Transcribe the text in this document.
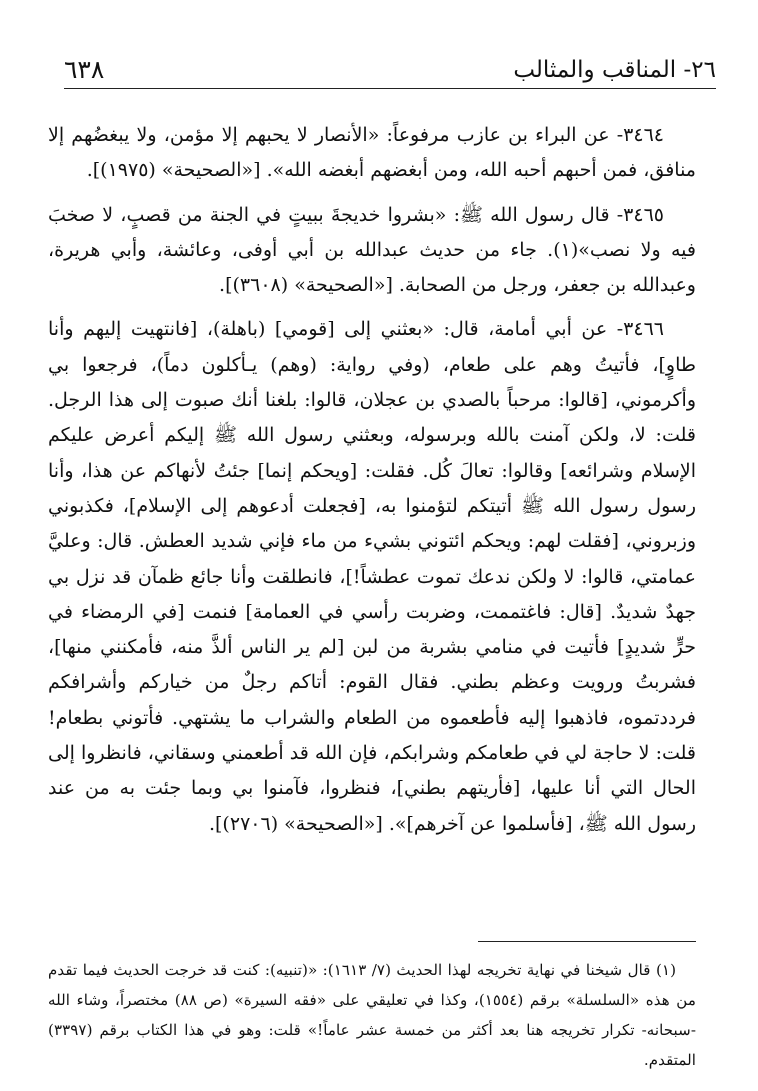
٢٦- المناقب والمثالب
٦٣٨

٣٤٦٤- عن البراء بن عازب مرفوعاً: «الأنصار لا يحبهم إلا مؤمن، ولا يبغضُهم إلا منافق، فمن أحبهم أحبه الله، ومن أبغضهم أبغضه الله». [«الصحيحة» (١٩٧٥)].

٣٤٦٥- قال رسول الله ﷺ: «بشروا خديجةَ ببيتٍ في الجنة من قصبٍ، لا صخبَ فيه ولا نصب»(١). جاء من حديث عبدالله بن أبي أوفى، وعائشة، وأبي هريرة، وعبدالله بن جعفر، ورجل من الصحابة. [«الصحيحة» (٣٦٠٨)].

٣٤٦٦- عن أبي أمامة، قال: «بعثني إلى [قومي] (باهلة)، [فانتهيت إليهم وأنا طاوٍ]، فأتيتُ وهم على طعام، (وفي رواية: (وهم) يـأكلون دماً)، فرجعوا بي وأكرموني، [قالوا: مرحباً بالصدي بن عجلان، قالوا: بلغنا أنك صبوت إلى هذا الرجل. قلت: لا، ولكن آمنت بالله وبرسوله، وبعثني رسول الله ﷺ إليكم أعرض عليكم الإسلام وشرائعه] وقالوا: تعالَ كُل. فقلت: [ويحكم إنما] جئتُ لأنهاكم عن هذا، وأنا رسول رسول الله ﷺ أتيتكم لتؤمنوا به، [فجعلت أدعوهم إلى الإسلام]، فكذبوني وزبروني، [فقلت لهم: ويحكم ائتوني بشيء من ماء فإني شديد العطش. قال: وعليَّ عمامتي، قالوا: لا ولكن ندعك تموت عطشاً!]، فانطلقت وأنا جائع ظمآن قد نزل بي جهدٌ شديدٌ. [قال: فاغتممت، وضربت رأسي في العمامة] فنمت [في الرمضاء في حرٍّ شديدٍ] فأتيت في منامي بشربة من لبن [لم ير الناس ألذَّ منه، فأمكنني منها]، فشربتُ ورويت وعظم بطني. فقال القوم: أتاكم رجلٌ من خياركم وأشرافكم فرددتموه، فاذهبوا إليه فأطعموه من الطعام والشراب ما يشتهي. فأتوني بطعام! قلت: لا حاجة لي في طعامكم وشرابكم، فإن الله قد أطعمني وسقاني، فانظروا إلى الحال التي أنا عليها، [فأريتهم بطني]، فنظروا، فآمنوا بي وبما جئت به من عند رسول الله ﷺ، [فأسلموا عن آخرهم]». [«الصحيحة» (٢٧٠٦)].

(١) قال شيخنا في نهاية تخريجه لهذا الحديث (٧/ ١٦١٣): «(تنبيه): كنت قد خرجت الحديث فيما تقدم من هذه «السلسلة» برقم (١٥٥٤)، وكذا في تعليقي على «فقه السيرة» (ص ٨٨) مختصراً، وشاء الله -سبحانه- تكرار تخريجه هنا بعد أكثر من خمسة عشر عاماً!» قلت: وهو في هذا الكتاب برقم (٣٣٩٧) المتقدم.
